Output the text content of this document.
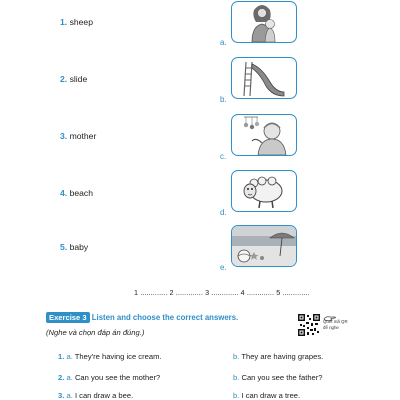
1. sheep
2. slide
3. mother
4. beach
5. baby
a.
b.
c.
d.
e.
1 ............. 2 ............. 3 ............. 4 ............. 5 .............
Exercise 3 Listen and choose the correct answers.
(Nghe và chọn đáp án đúng.)
Quét mã QR
để nghe
1. a. They're having ice cream.	b. They are having grapes.
2. a. Can you see the mother?	b. Can you see the father?
3. a. I can draw a bee.	b. I can draw a tree.
